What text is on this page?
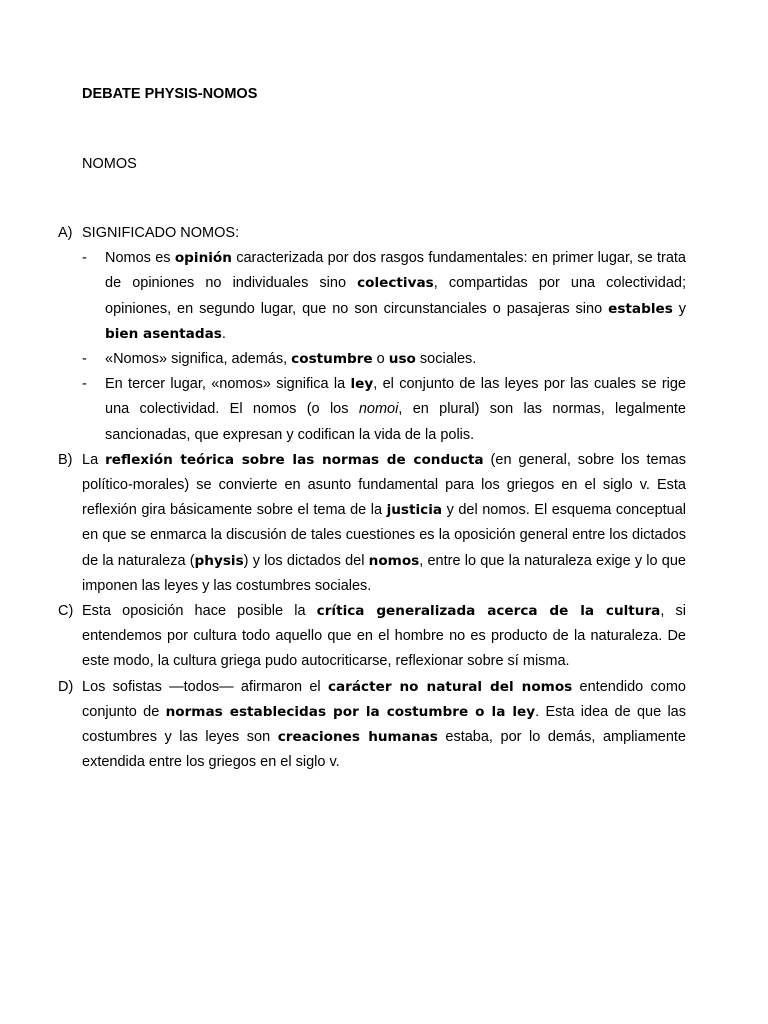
DEBATE PHYSIS-NOMOS

NOMOS

A) SIGNIFICADO NOMOS:
- Nomos es opinión caracterizada por dos rasgos fundamentales: en primer lugar, se trata de opiniones no individuales sino colectivas, compartidas por una colectividad; opiniones, en segundo lugar, que no son circunstanciales o pasajeras sino estables y bien asentadas.
- «Nomos» significa, además, costumbre o uso sociales.
- En tercer lugar, «nomos» significa la ley, el conjunto de las leyes por las cuales se rige una colectividad. El nomos (o los nomoi, en plural) son las normas, legalmente sancionadas, que expresan y codifican la vida de la polis.
B) La reflexión teórica sobre las normas de conducta (en general, sobre los temas político-morales) se convierte en asunto fundamental para los griegos en el siglo v. Esta reflexión gira básicamente sobre el tema de la justicia y del nomos. El esquema conceptual en que se enmarca la discusión de tales cuestiones es la oposición general entre los dictados de la naturaleza (physis) y los dictados del nomos, entre lo que la naturaleza exige y lo que imponen las leyes y las costumbres sociales.
C) Esta oposición hace posible la crítica generalizada acerca de la cultura, si entendemos por cultura todo aquello que en el hombre no es producto de la naturaleza. De este modo, la cultura griega pudo autocriticarse, reflexionar sobre sí misma.
D) Los sofistas —todos— afirmaron el carácter no natural del nomos entendido como conjunto de normas establecidas por la costumbre o la ley. Esta idea de que las costumbres y las leyes son creaciones humanas estaba, por lo demás, ampliamente extendida entre los griegos en el siglo v.
